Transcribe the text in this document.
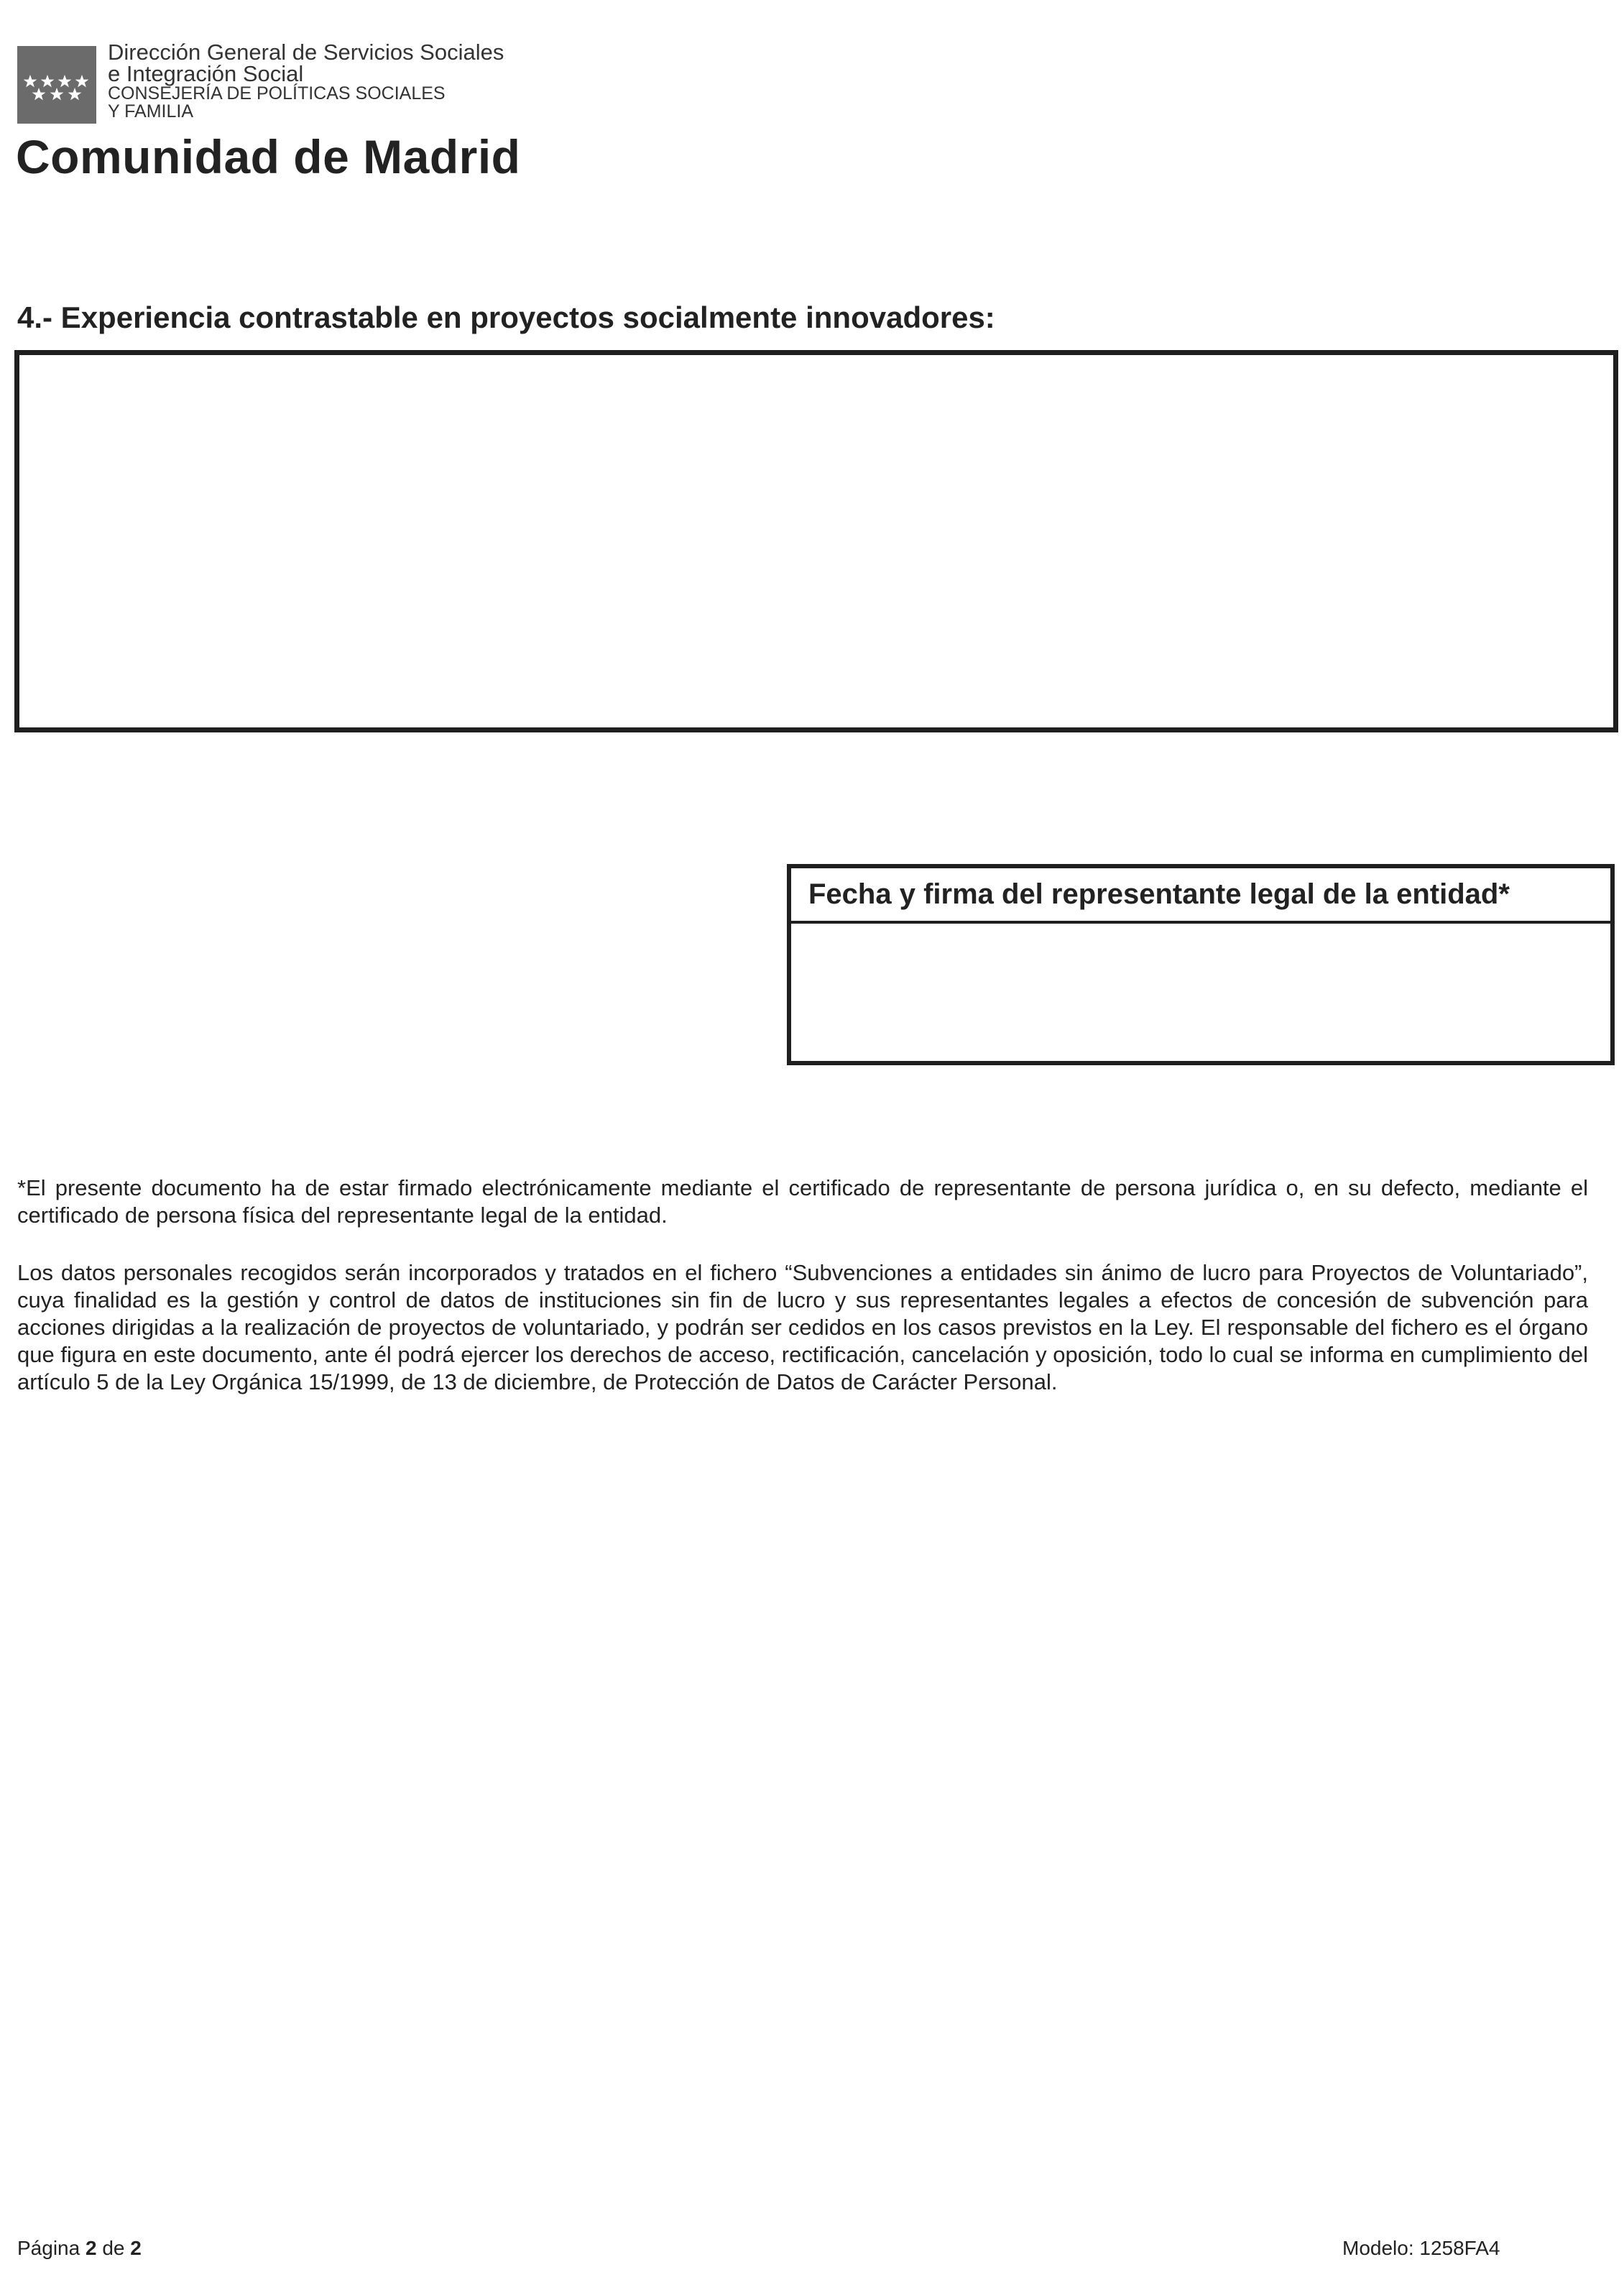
Dirección General de Servicios Sociales
e Integración Social
CONSEJERÍA DE POLÍTICAS SOCIALES
Y FAMILIA
Comunidad de Madrid
4.- Experiencia contrastable en proyectos socialmente innovadores:
Fecha y firma del representante legal de la entidad*
*El presente documento ha de estar firmado electrónicamente mediante el certificado de representante de persona jurídica o, en su defecto, mediante el certificado de persona física del representante legal de la entidad.
Los datos personales recogidos serán incorporados y tratados en el fichero “Subvenciones a entidades sin ánimo de lucro para Proyectos de Voluntariado”, cuya finalidad es la gestión y control de datos de instituciones sin fin de lucro y sus representantes legales a efectos de concesión de subvención para acciones dirigidas a la realización de proyectos de voluntariado, y podrán ser cedidos en los casos previstos en la Ley. El responsable del fichero es el órgano que figura en este documento, ante él podrá ejercer los derechos de acceso, rectificación, cancelación y oposición, todo lo cual se informa en cumplimiento del artículo 5 de la Ley Orgánica 15/1999, de 13 de diciembre, de Protección de Datos de Carácter Personal.
Página 2 de 2	Modelo: 1258FA4
